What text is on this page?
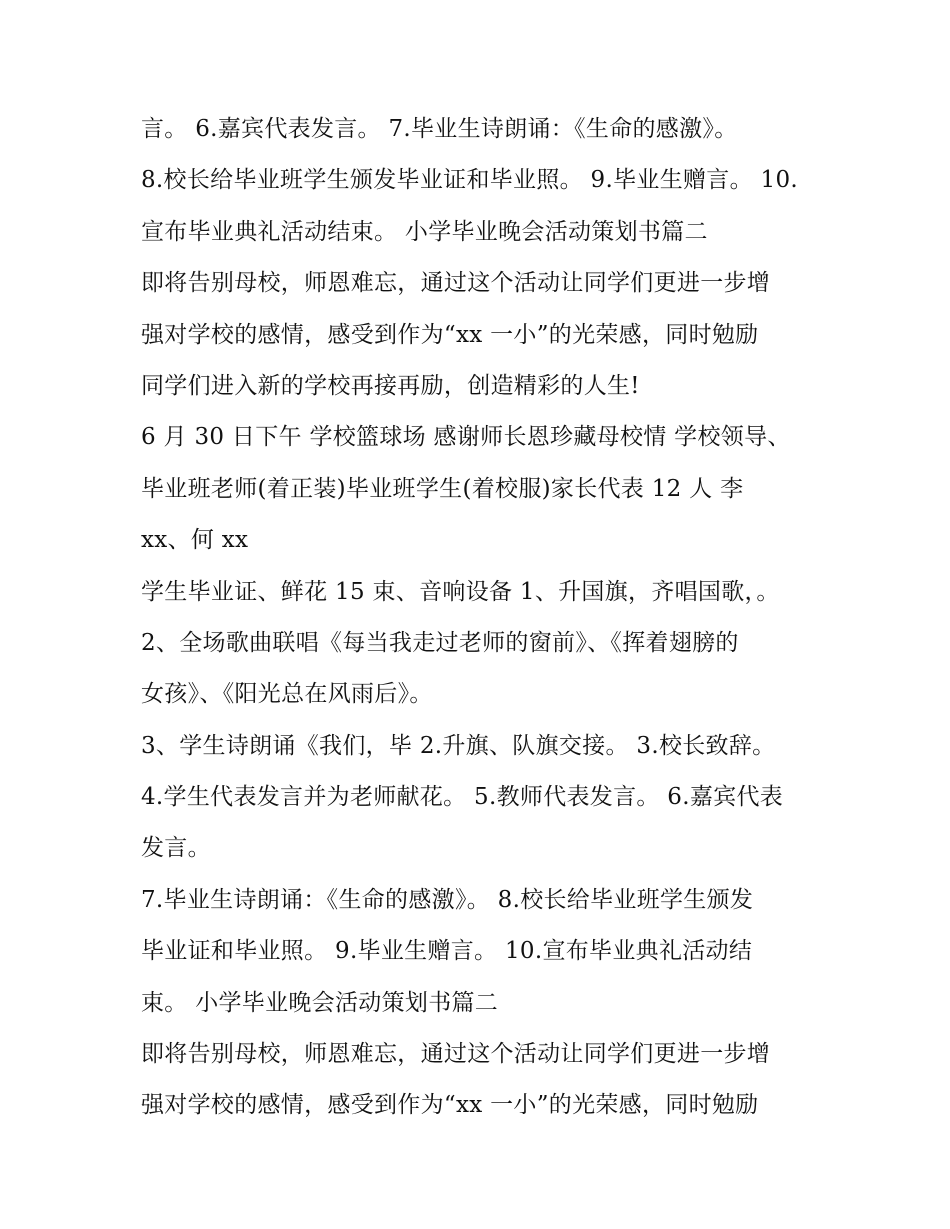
言。 6.嘉宾代表发言。 7.毕业生诗朗诵：《生命的感激》。
8.校长给毕业班学生颁发毕业证和毕业照。 9.毕业生赠言。 10.
宣布毕业典礼活动结束。 小学毕业晚会活动策划书篇二
即将告别母校，师恩难忘，通过这个活动让同学们更进一步增
强对学校的感情，感受到作为“xx 一小”的光荣感，同时勉励
同学们进入新的学校再接再励，创造精彩的人生!
6 月 30 日下午 学校篮球场 感谢师长恩珍藏母校情 学校领导、
毕业班老师(着正装)毕业班学生(着校服)家长代表 12 人 李
xx、何 xx
学生毕业证、鲜花 15 束、音响设备 1、升国旗，齐唱国歌，。
2、全场歌曲联唱《每当我走过老师的窗前》、《挥着翅膀的
女孩》、《阳光总在风雨后》。
3、学生诗朗诵《我们，毕 2.升旗、队旗交接。 3.校长致辞。
4.学生代表发言并为老师献花。 5.教师代表发言。 6.嘉宾代表
发言。
7.毕业生诗朗诵：《生命的感激》。 8.校长给毕业班学生颁发
毕业证和毕业照。 9.毕业生赠言。 10.宣布毕业典礼活动结
束。 小学毕业晚会活动策划书篇二
即将告别母校，师恩难忘，通过这个活动让同学们更进一步增
强对学校的感情，感受到作为“xx 一小”的光荣感，同时勉励
